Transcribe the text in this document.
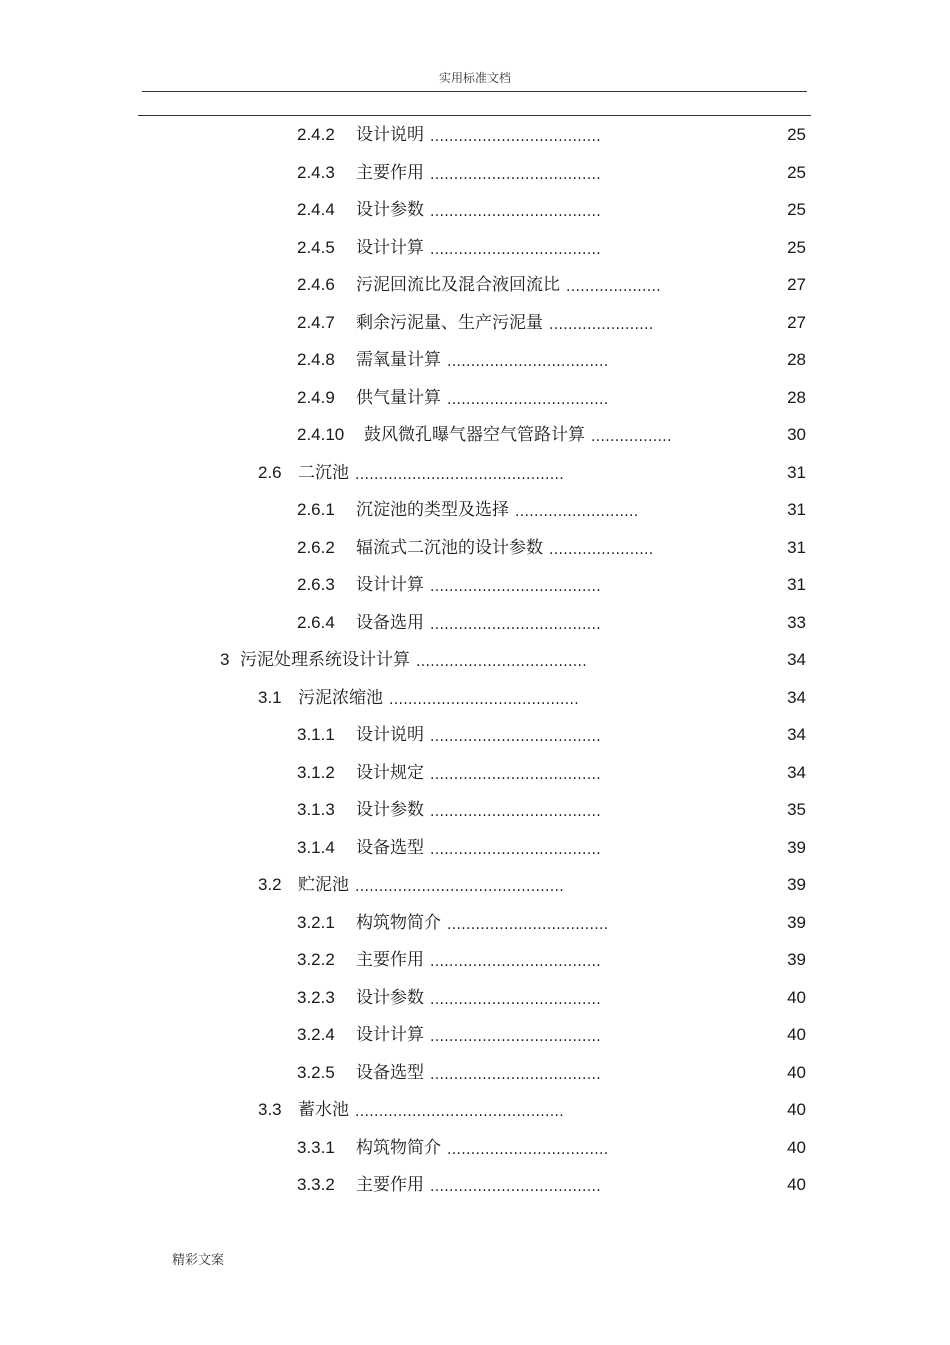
实用标准文档
2.4.2 设计说明 ....................................	25
2.4.3 主要作用 ....................................	25
2.4.4 设计参数 ....................................	25
2.4.5 设计计算 ....................................	25
2.4.6 污泥回流比及混合液回流比 ....................	27
2.4.7 剩余污泥量、生产污泥量 ......................	27
2.4.8 需氧量计算 ..................................	28
2.4.9 供气量计算 ..................................	28
2.4.10 鼓风微孔曝气器空气管路计算 .................	30
2.6 二沉池 ............................................	31
2.6.1 沉淀池的类型及选择 ..........................	31
2.6.2 辐流式二沉池的设计参数 ......................	31
2.6.3 设计计算 ....................................	31
2.6.4 设备选用 ....................................	33
3 污泥处理系统设计计算 ....................................	34
3.1 污泥浓缩池 ........................................	34
3.1.1 设计说明 ....................................	34
3.1.2 设计规定 ....................................	34
3.1.3 设计参数 ....................................	35
3.1.4 设备选型 ....................................	39
3.2 贮泥池 ............................................	39
3.2.1 构筑物简介 ..................................	39
3.2.2 主要作用 ....................................	39
3.2.3 设计参数 ....................................	40
3.2.4 设计计算 ....................................	40
3.2.5 设备选型 ....................................	40
3.3 蓄水池 ............................................	40
3.3.1 构筑物简介 ..................................	40
3.3.2 主要作用 ....................................	40
精彩文案
